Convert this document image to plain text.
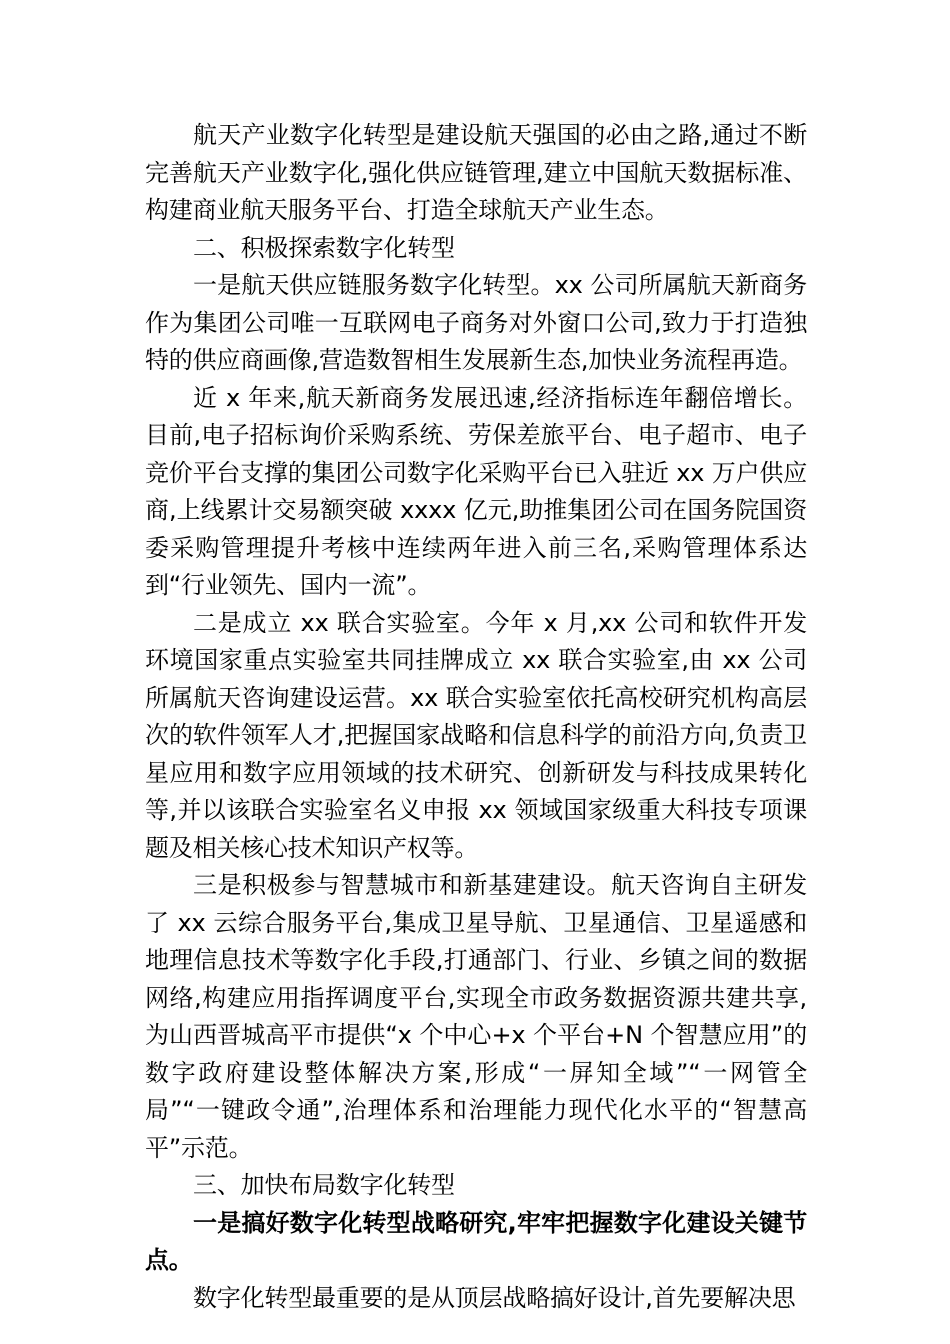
航天产业数字化转型是建设航天强国的必由之路,通过不断完善航天产业数字化,强化供应链管理,建立中国航天数据标准、构建商业航天服务平台、打造全球航天产业生态。

二、积极探索数字化转型

一是航天供应链服务数字化转型。xx 公司所属航天新商务作为集团公司唯一互联网电子商务对外窗口公司,致力于打造独特的供应商画像,营造数智相生发展新生态,加快业务流程再造。

近 x 年来,航天新商务发展迅速,经济指标连年翻倍增长。目前,电子招标询价采购系统、劳保差旅平台、电子超市、电子竞价平台支撑的集团公司数字化采购平台已入驻近 xx 万户供应商,上线累计交易额突破 xxxx 亿元,助推集团公司在国务院国资委采购管理提升考核中连续两年进入前三名,采购管理体系达到“行业领先、国内一流”。

二是成立 xx 联合实验室。今年 x 月,xx 公司和软件开发环境国家重点实验室共同挂牌成立 xx 联合实验室,由 xx 公司所属航天咨询建设运营。xx 联合实验室依托高校研究机构高层次的软件领军人才,把握国家战略和信息科学的前沿方向,负责卫星应用和数字应用领域的技术研究、创新研发与科技成果转化等,并以该联合实验室名义申报 xx 领域国家级重大科技专项课题及相关核心技术知识产权等。

三是积极参与智慧城市和新基建建设。航天咨询自主研发了 xx 云综合服务平台,集成卫星导航、卫星通信、卫星遥感和地理信息技术等数字化手段,打通部门、行业、乡镇之间的数据网络,构建应用指挥调度平台,实现全市政务数据资源共建共享,为山西晋城高平市提供“x 个中心+x 个平台+N 个智慧应用”的数字政府建设整体解决方案,形成“一屏知全域”“一网管全局”“一键政令通”,治理体系和治理能力现代化水平的“智慧高平”示范。

三、加快布局数字化转型

一是搞好数字化转型战略研究,牢牢把握数字化建设关键节点。

数字化转型最重要的是从顶层战略搞好设计,首先要解决思
